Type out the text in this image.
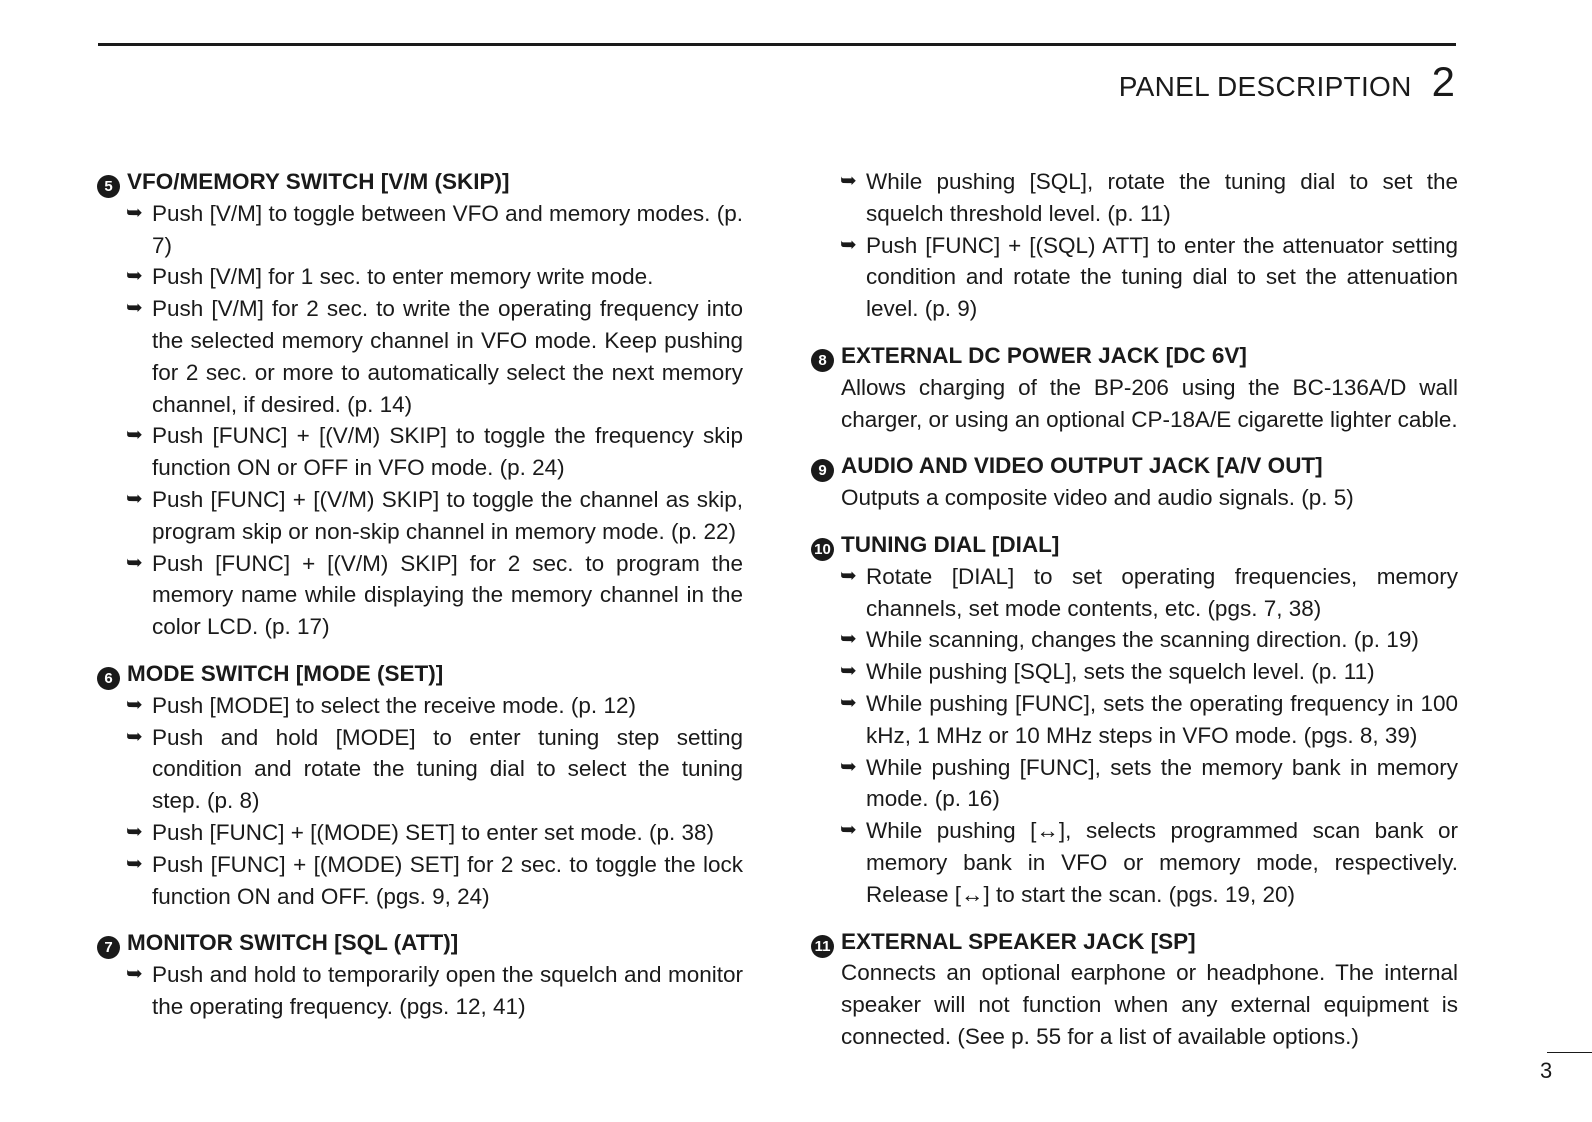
PANEL DESCRIPTION 2
5 VFO/MEMORY SWITCH [V/M (SKIP)]
➥ Push [V/M] to toggle between VFO and memory modes. (p. 7)
➥ Push [V/M] for 1 sec. to enter memory write mode.
➥ Push [V/M] for 2 sec. to write the operating frequency into the selected memory channel in VFO mode. Keep pushing for 2 sec. or more to automatically select the next memory channel, if desired. (p. 14)
➥ Push [FUNC] + [(V/M) SKIP] to toggle the frequency skip function ON or OFF in VFO mode. (p. 24)
➥ Push [FUNC] + [(V/M) SKIP] to toggle the channel as skip, program skip or non-skip channel in memory mode. (p. 22)
➥ Push [FUNC] + [(V/M) SKIP] for 2 sec. to program the memory name while displaying the memory channel in the color LCD. (p. 17)
6 MODE SWITCH [MODE (SET)]
➥ Push [MODE] to select the receive mode. (p. 12)
➥ Push and hold [MODE] to enter tuning step setting condition and rotate the tuning dial to select the tuning step. (p. 8)
➥ Push [FUNC] + [(MODE) SET] to enter set mode. (p. 38)
➥ Push [FUNC] + [(MODE) SET] for 2 sec. to toggle the lock function ON and OFF. (pgs. 9, 24)
7 MONITOR SWITCH [SQL (ATT)]
➥ Push and hold to temporarily open the squelch and monitor the operating frequency. (pgs. 12, 41)
➥ While pushing [SQL], rotate the tuning dial to set the squelch threshold level. (p. 11)
➥ Push [FUNC] + [(SQL) ATT] to enter the attenuator setting condition and rotate the tuning dial to set the attenuation level. (p. 9)
8 EXTERNAL DC POWER JACK [DC 6V]
Allows charging of the BP-206 using the BC-136A/D wall charger, or using an optional CP-18A/E cigarette lighter cable.
9 AUDIO AND VIDEO OUTPUT JACK [A/V OUT]
Outputs a composite video and audio signals. (p. 5)
10 TUNING DIAL [DIAL]
➥ Rotate [DIAL] to set operating frequencies, memory channels, set mode contents, etc. (pgs. 7, 38)
➥ While scanning, changes the scanning direction. (p. 19)
➥ While pushing [SQL], sets the squelch level. (p. 11)
➥ While pushing [FUNC], sets the operating frequency in 100 kHz, 1 MHz or 10 MHz steps in VFO mode. (pgs. 8, 39)
➥ While pushing [FUNC], sets the memory bank in memory mode. (p. 16)
➥ While pushing [↔], selects programmed scan bank or memory bank in VFO or memory mode, respectively. Release [↔] to start the scan. (pgs. 19, 20)
11 EXTERNAL SPEAKER JACK [SP]
Connects an optional earphone or headphone. The internal speaker will not function when any external equipment is connected. (See p. 55 for a list of available options.)
3
